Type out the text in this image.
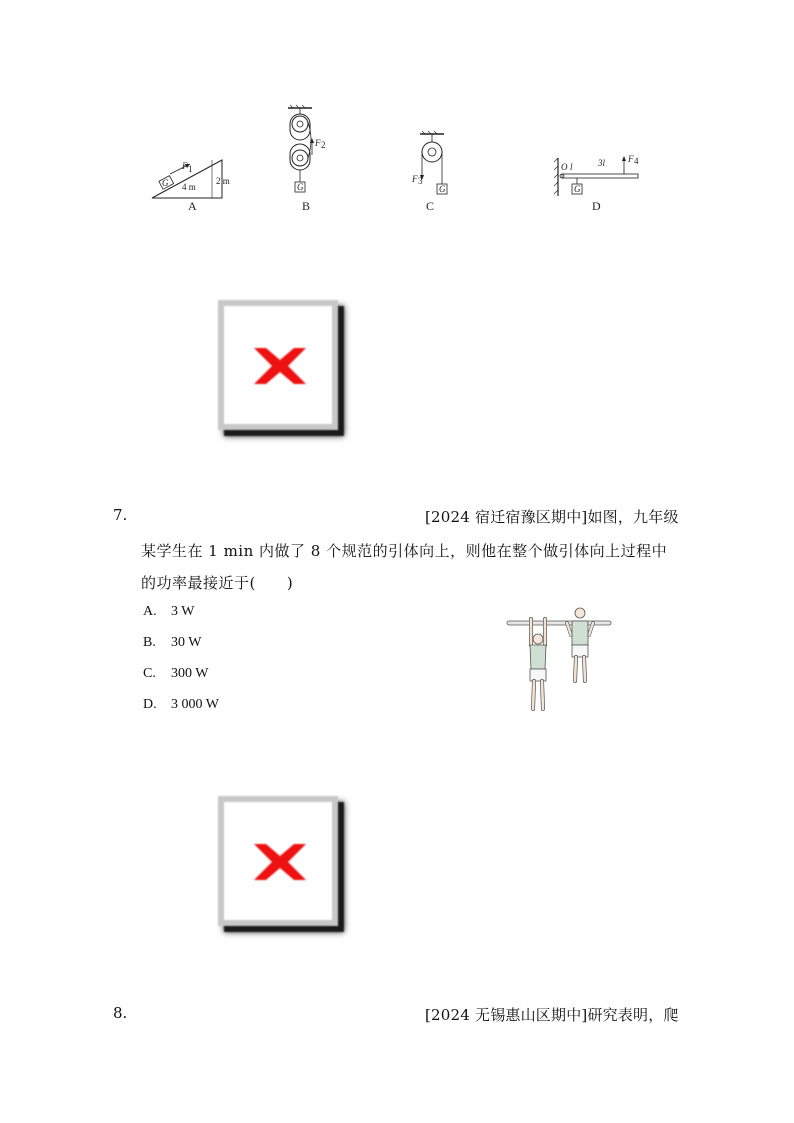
G
F 1
4 m
2 m
A
F 2
G
B
F 3
G
C
O l	3l
G
F 4
D
7.	[2024 宿迁宿豫区期中]如图，九年级
某学生在 1 min 内做了 8 个规范的引体向上，则他在整个做引体向上过程中
的功率最接近于(　　)
A. 3 W
B. 30 W
C. 300 W
D. 3 000 W
8.	[2024 无锡惠山区期中]研究表明，爬
